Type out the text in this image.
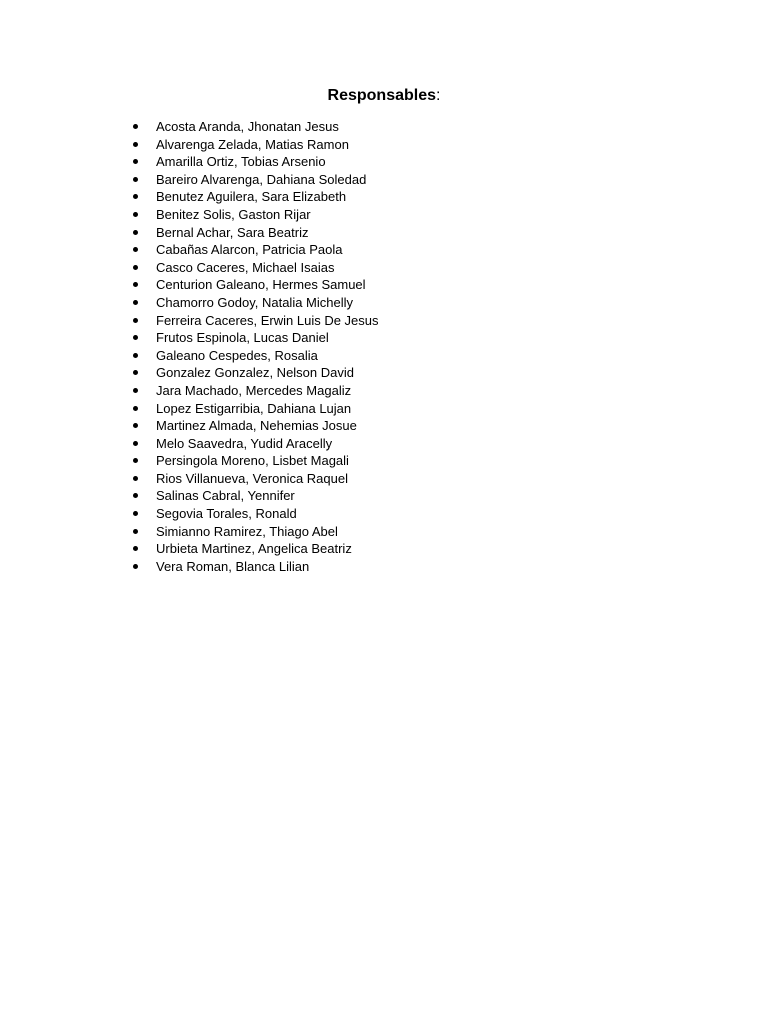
Responsables:
Acosta Aranda, Jhonatan Jesus
Alvarenga Zelada, Matias Ramon
Amarilla Ortiz, Tobias Arsenio
Bareiro Alvarenga, Dahiana Soledad
Benutez Aguilera, Sara Elizabeth
Benitez Solis, Gaston Rijar
Bernal Achar, Sara Beatriz
Cabañas Alarcon, Patricia Paola
Casco Caceres, Michael Isaias
Centurion Galeano, Hermes Samuel
Chamorro Godoy, Natalia Michelly
Ferreira Caceres, Erwin Luis De Jesus
Frutos Espinola, Lucas Daniel
Galeano Cespedes, Rosalia
Gonzalez Gonzalez, Nelson David
Jara Machado, Mercedes Magaliz
Lopez Estigarribia, Dahiana Lujan
Martinez Almada, Nehemias Josue
Melo Saavedra, Yudid Aracelly
Persingola Moreno, Lisbet Magali
Rios Villanueva, Veronica Raquel
Salinas Cabral, Yennifer
Segovia Torales, Ronald
Simianno Ramirez, Thiago Abel
Urbieta Martinez, Angelica Beatriz
Vera Roman, Blanca Lilian
